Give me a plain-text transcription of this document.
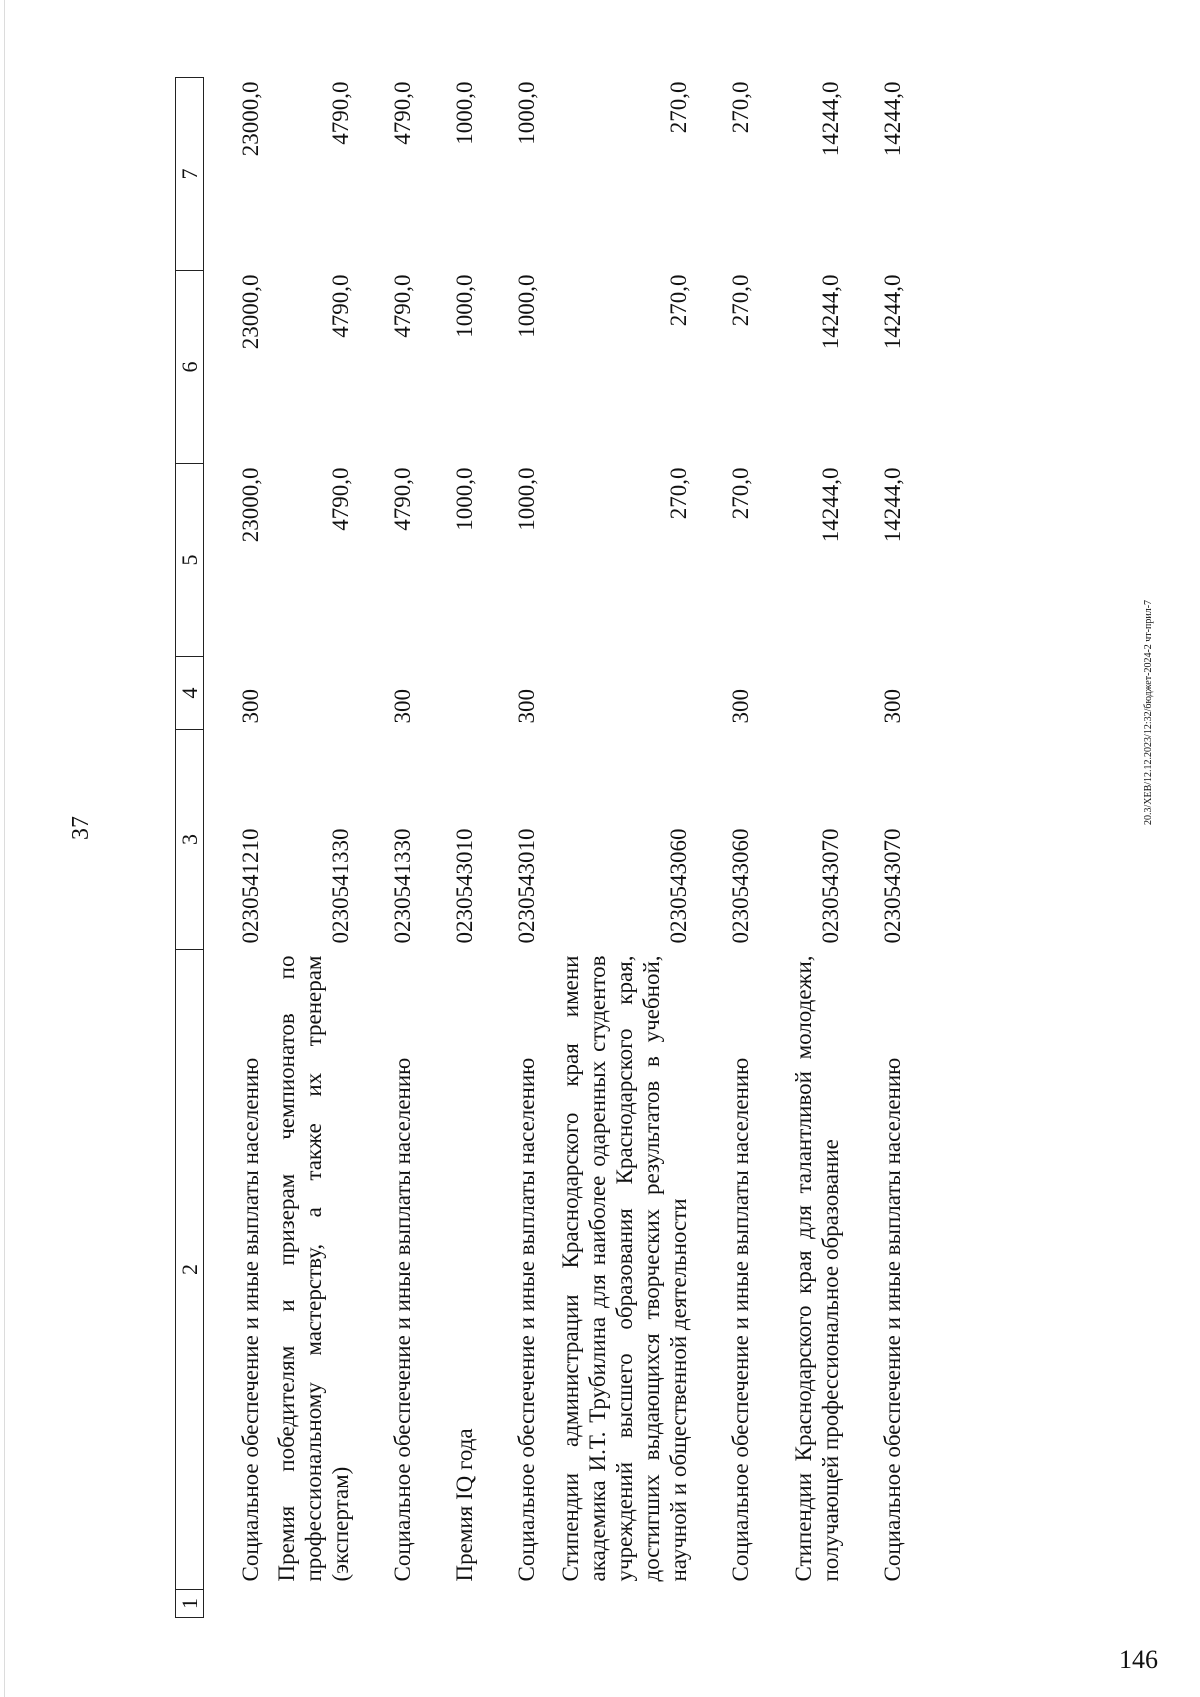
37
1	2	3	4	5	6	7
	Социальное обеспечение и иные выплаты населению	0230541210	300	23000,0	23000,0	23000,0
	Премия победителям и призерам чемпионатов по профессиональному мастерству, а также их тренерам (экспертам)	0230541330		4790,0	4790,0	4790,0
	Социальное обеспечение и иные выплаты населению	0230541330	300	4790,0	4790,0	4790,0
	Премия IQ года	0230543010		1000,0	1000,0	1000,0
	Социальное обеспечение и иные выплаты населению	0230543010	300	1000,0	1000,0	1000,0
	Стипендии администрации Краснодарского края имени академика И.Т. Трубилина для наиболее одаренных студентов учреждений высшего образования Краснодарского края, достигших выдающихся творческих результатов в учебной, научной и общественной деятельности	0230543060		270,0	270,0	270,0
	Социальное обеспечение и иные выплаты населению	0230543060	300	270,0	270,0	270,0
	Стипендии Краснодарского края для талантливой молодежи, получающей профессиональное образование	0230543070		14244,0	14244,0	14244,0
	Социальное обеспечение и иные выплаты населению	0230543070	300	14244,0	14244,0	14244,0
20.3/ХЕВ/12.12.2023/12:32/бюджет-2024-2 чт-прил-7
146
